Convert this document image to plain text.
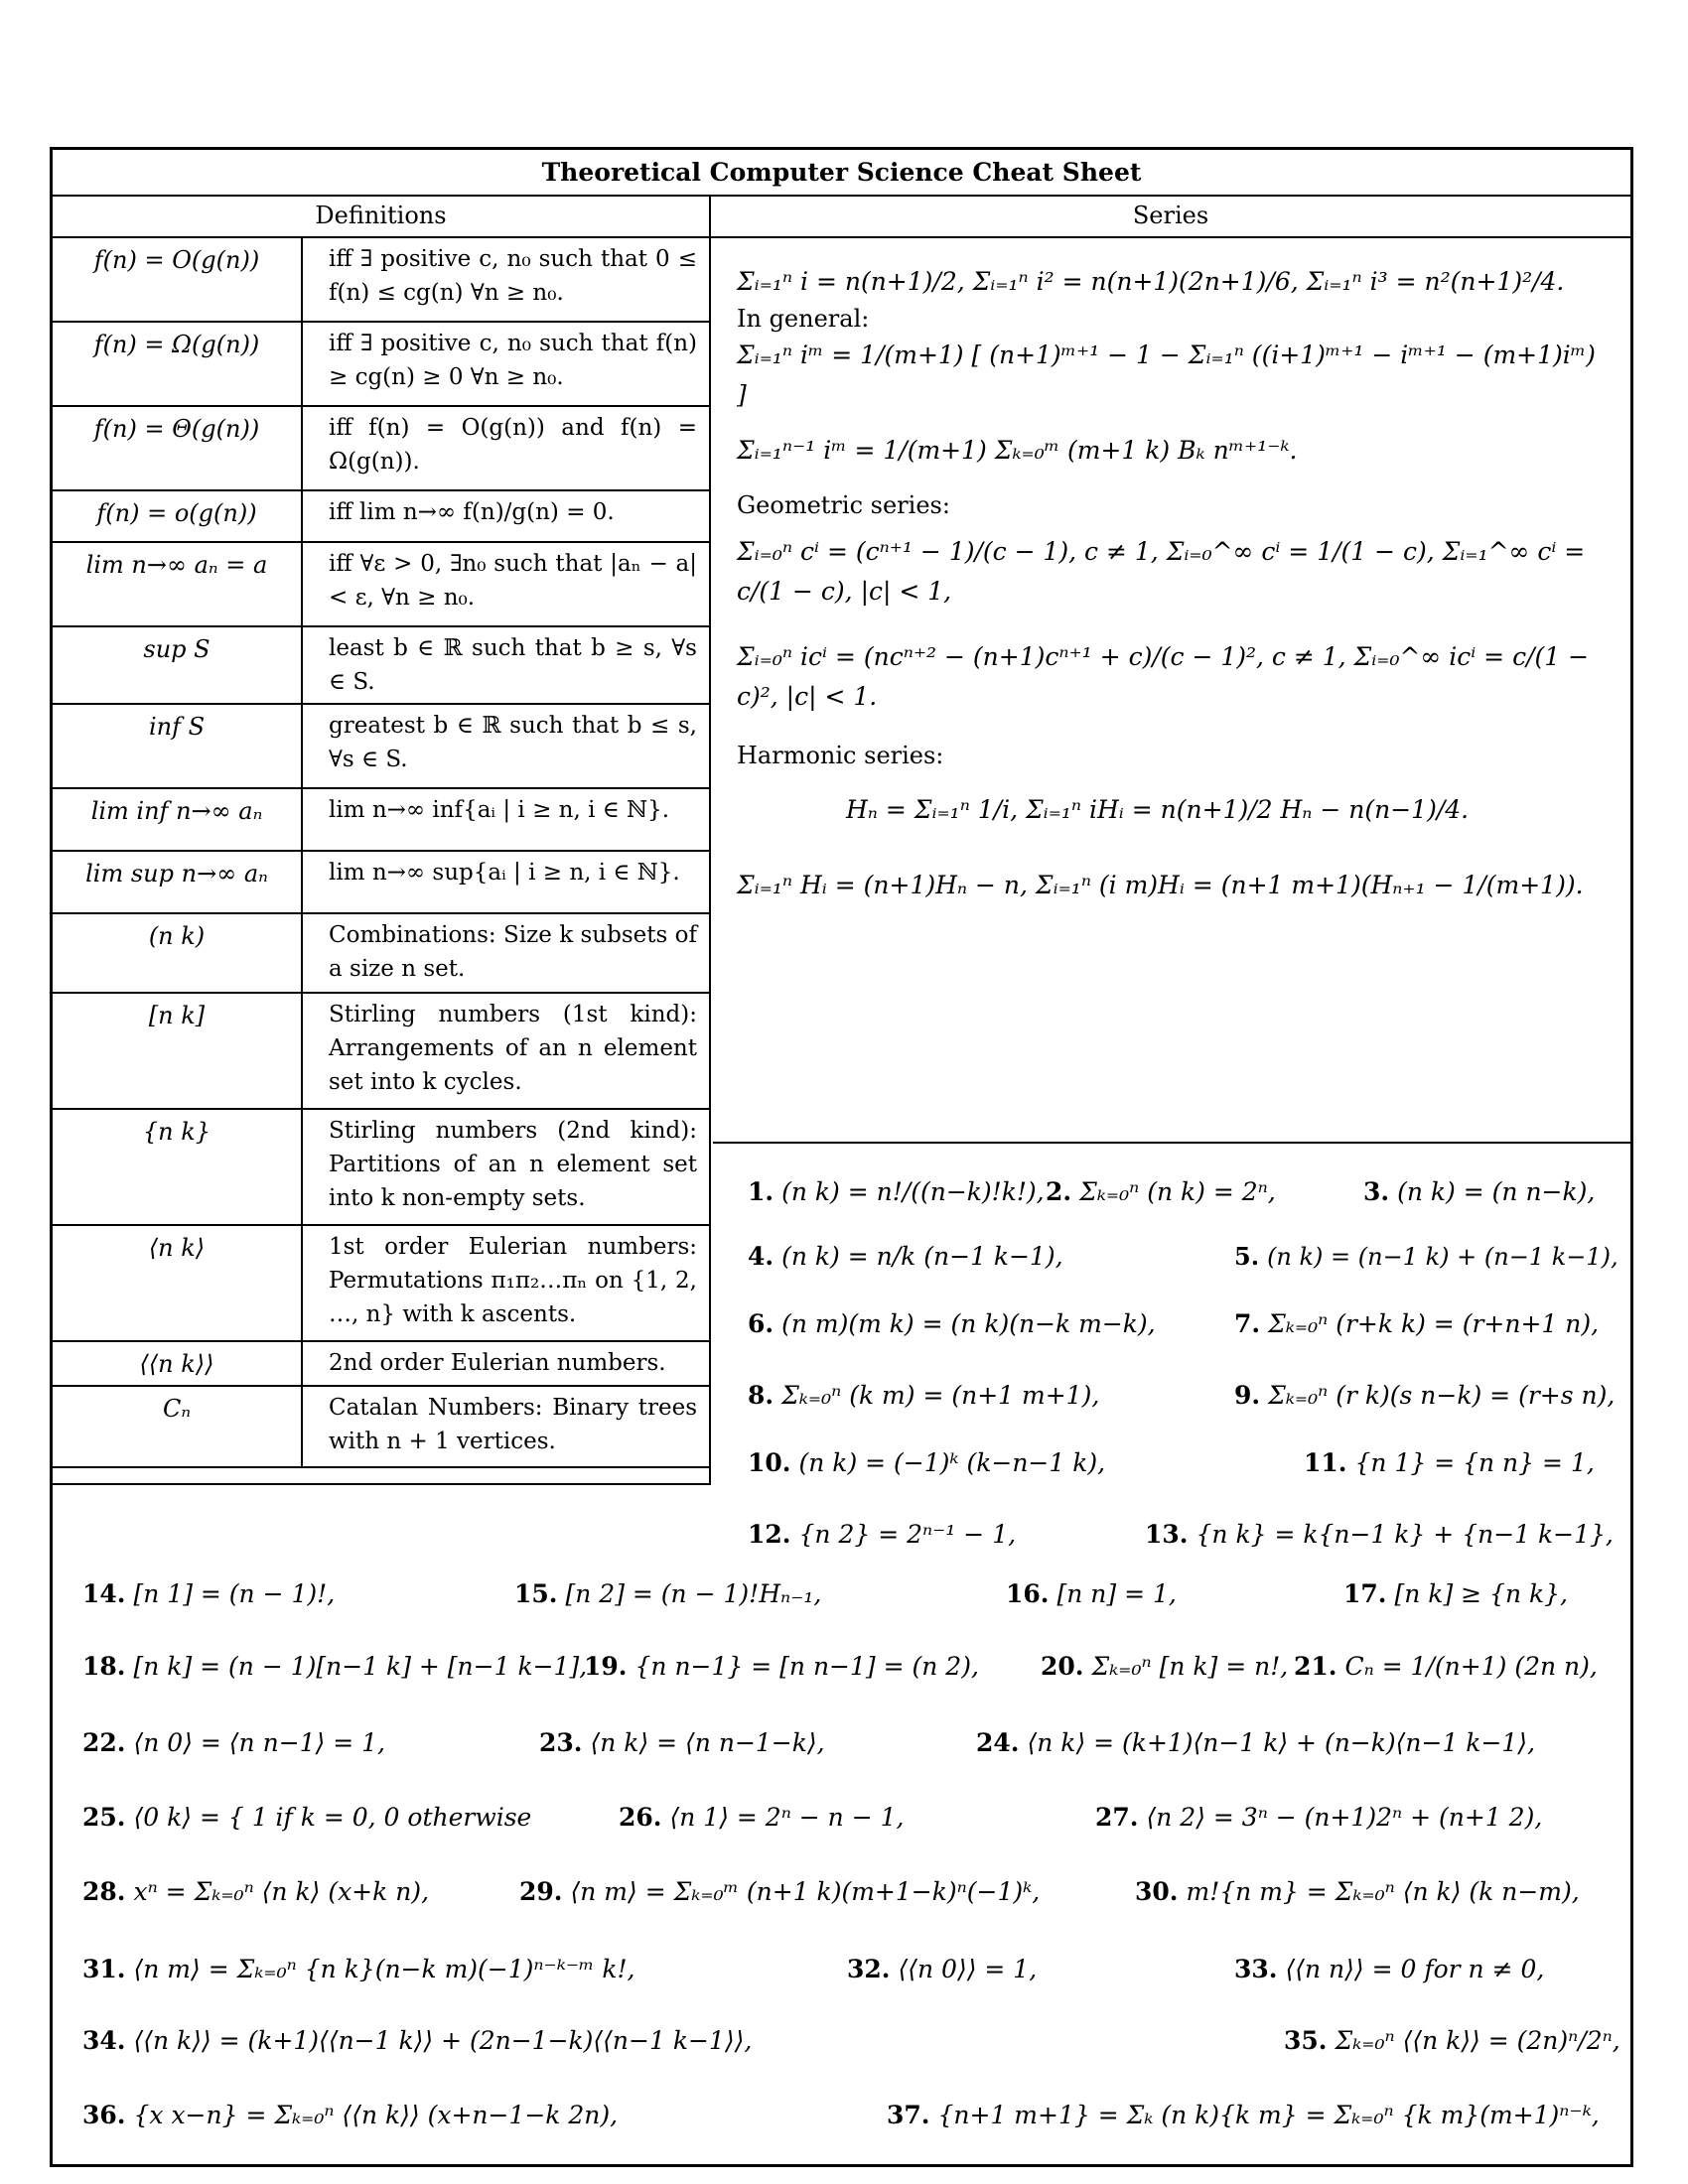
Theoretical Computer Science Cheat Sheet
Definitions	Series
f(n) = O(g(n))	iff ∃ positive c, n₀ such that 0 ≤ f(n) ≤ cg(n) ∀n ≥ n₀.
f(n) = Ω(g(n))	iff ∃ positive c, n₀ such that f(n) ≥ cg(n) ≥ 0 ∀n ≥ n₀.
f(n) = Θ(g(n))	iff f(n) = O(g(n)) and f(n) = Ω(g(n)).
f(n) = o(g(n))	iff lim n→∞ f(n)/g(n) = 0.
lim n→∞ aₙ = a	iff ∀ε > 0, ∃n₀ such that |aₙ − a| < ε, ∀n ≥ n₀.
sup S	least b ∈ ℝ such that b ≥ s, ∀s ∈ S.
inf S	greatest b ∈ ℝ such that b ≤ s, ∀s ∈ S.
lim inf n→∞ aₙ	lim n→∞ inf{aᵢ | i ≥ n, i ∈ ℕ}.
lim sup n→∞ aₙ	lim n→∞ sup{aᵢ | i ≥ n, i ∈ ℕ}.
(n k)	Combinations: Size k subsets of a size n set.
[n k]	Stirling numbers (1st kind): Arrangements of an n element set into k cycles.
{n k}	Stirling numbers (2nd kind): Partitions of an n element set into k non-empty sets.
⟨n k⟩	1st order Eulerian numbers: Permutations π₁π₂…πₙ on {1, 2, …, n} with k ascents.
⟨⟨n k⟩⟩	2nd order Eulerian numbers.
Cₙ	Catalan Numbers: Binary trees with n + 1 vertices.
Σᵢ₌₁ⁿ i = n(n+1)/2, Σᵢ₌₁ⁿ i² = n(n+1)(2n+1)/6, Σᵢ₌₁ⁿ i³ = n²(n+1)²/4.
In general:
Σᵢ₌₁ⁿ iᵐ = 1/(m+1) [ (n+1)ᵐ⁺¹ − 1 − Σᵢ₌₁ⁿ ((i+1)ᵐ⁺¹ − iᵐ⁺¹ − (m+1)iᵐ) ]
Σᵢ₌₁ⁿ⁻¹ iᵐ = 1/(m+1) Σₖ₌₀ᵐ (m+1 k) Bₖ nᵐ⁺¹⁻ᵏ.
Geometric series:
Σᵢ₌₀ⁿ cⁱ = (cⁿ⁺¹ − 1)/(c − 1), c ≠ 1, Σᵢ₌₀^∞ cⁱ = 1/(1 − c), Σᵢ₌₁^∞ cⁱ = c/(1 − c), |c| < 1,
Σᵢ₌₀ⁿ icⁱ = (ncⁿ⁺² − (n+1)cⁿ⁺¹ + c)/(c − 1)², c ≠ 1, Σᵢ₌₀^∞ icⁱ = c/(1 − c)², |c| < 1.
Harmonic series:
Hₙ = Σᵢ₌₁ⁿ 1/i, Σᵢ₌₁ⁿ iHᵢ = n(n+1)/2 Hₙ − n(n−1)/4.
Σᵢ₌₁ⁿ Hᵢ = (n+1)Hₙ − n, Σᵢ₌₁ⁿ (i m)Hᵢ = (n+1 m+1)(Hₙ₊₁ − 1/(m+1)).
1. (n k) = n!/((n−k)!k!), 2. Σₖ₌₀ⁿ (n k) = 2ⁿ,	3. (n k) = (n n−k),
4. (n k) = n/k (n−1 k−1),	5. (n k) = (n−1 k) + (n−1 k−1),
6. (n m)(m k) = (n k)(n−k m−k),	7. Σₖ₌₀ⁿ (r+k k) = (r+n+1 n),
8. Σₖ₌₀ⁿ (k m) = (n+1 m+1),	9. Σₖ₌₀ⁿ (r k)(s n−k) = (r+s n),
10. (n k) = (−1)ᵏ (k−n−1 k),	11. {n 1} = {n n} = 1,
12. {n 2} = 2ⁿ⁻¹ − 1,	13. {n k} = k{n−1 k} + {n−1 k−1},
14. [n 1] = (n − 1)!,	15. [n 2] = (n − 1)!Hₙ₋₁,	16. [n n] = 1,	17. [n k] ≥ {n k},
18. [n k] = (n − 1)[n−1 k] + [n−1 k−1],
19. {n n−1} = [n n−1] = (n 2), 20. Σₖ₌₀ⁿ [n k] = n!, 21. Cₙ = 1/(n+1) (2n n),
22. ⟨n 0⟩ = ⟨n n−1⟩ = 1,	23. ⟨n k⟩ = ⟨n n−1−k⟩,	24. ⟨n k⟩ = (k+1)⟨n−1 k⟩ + (n−k)⟨n−1 k−1⟩,
25. ⟨0 k⟩ = { 1 if k = 0, 0 otherwise	26. ⟨n 1⟩ = 2ⁿ − n − 1,	27. ⟨n 2⟩ = 3ⁿ − (n+1)2ⁿ + (n+1 2),
28. xⁿ = Σₖ₌₀ⁿ ⟨n k⟩ (x+k n),	29. ⟨n m⟩ = Σₖ₌₀ᵐ (n+1 k)(m+1−k)ⁿ(−1)ᵏ,	30. m!{n m} = Σₖ₌₀ⁿ ⟨n k⟩ (k n−m),
31. ⟨n m⟩ = Σₖ₌₀ⁿ {n k}(n−k m)(−1)ⁿ⁻ᵏ⁻ᵐ k!,	32. ⟨⟨n 0⟩⟩ = 1,	33. ⟨⟨n n⟩⟩ = 0 for n ≠ 0,
34. ⟨⟨n k⟩⟩ = (k+1)⟨⟨n−1 k⟩⟩ + (2n−1−k)⟨⟨n−1 k−1⟩⟩,	35. Σₖ₌₀ⁿ ⟨⟨n k⟩⟩ = (2n)ⁿ/2ⁿ,
36. {x x−n} = Σₖ₌₀ⁿ ⟨⟨n k⟩⟩ (x+n−1−k 2n),	37. {n+1 m+1} = Σₖ (n k){k m} = Σₖ₌₀ⁿ {k m}(m+1)ⁿ⁻ᵏ,
